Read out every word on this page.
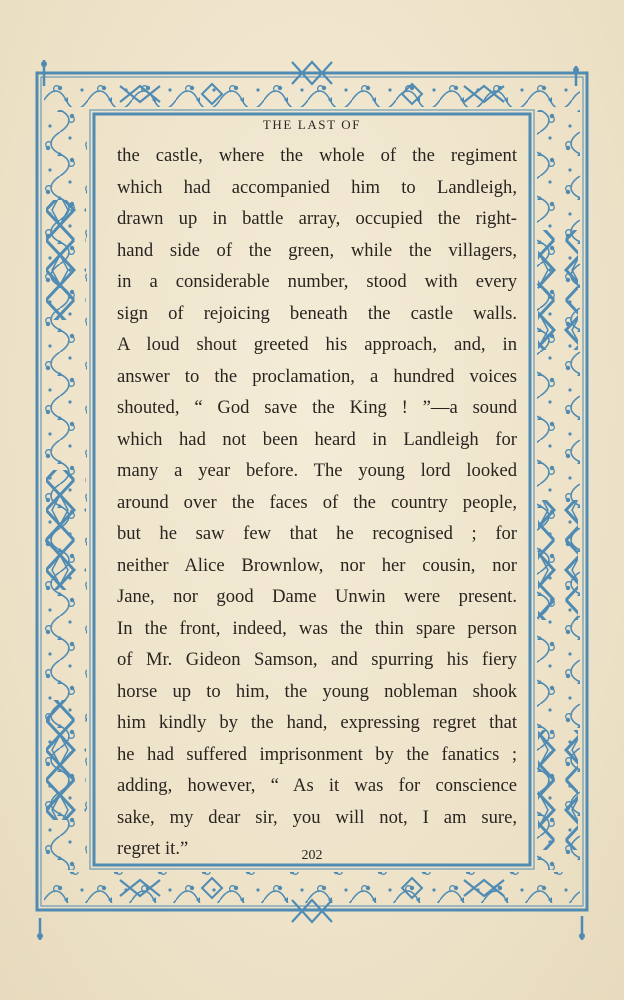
THE LAST OF
the castle, where the whole of the regiment
which had accompanied him to Landleigh,
drawn up in battle array, occupied the right-
hand side of the green, while the villagers,
in a considerable number, stood with every
sign of rejoicing beneath the castle walls.
A loud shout greeted his approach, and, in
answer to the proclamation, a hundred voices
shouted, “ God save the King ! ”—a sound
which had not been heard in Landleigh for
many a year before. The young lord looked
around over the faces of the country people,
but he saw few that he recognised ; for
neither Alice Brownlow, nor her cousin, nor
Jane, nor good Dame Unwin were present.
In the front, indeed, was the thin spare person
of Mr. Gideon Samson, and spurring his fiery
horse up to him, the young nobleman shook
him kindly by the hand, expressing regret that
he had suffered imprisonment by the fanatics ;
adding, however, “ As it was for conscience
sake, my dear sir, you will not, I am sure,
regret it.”	202
